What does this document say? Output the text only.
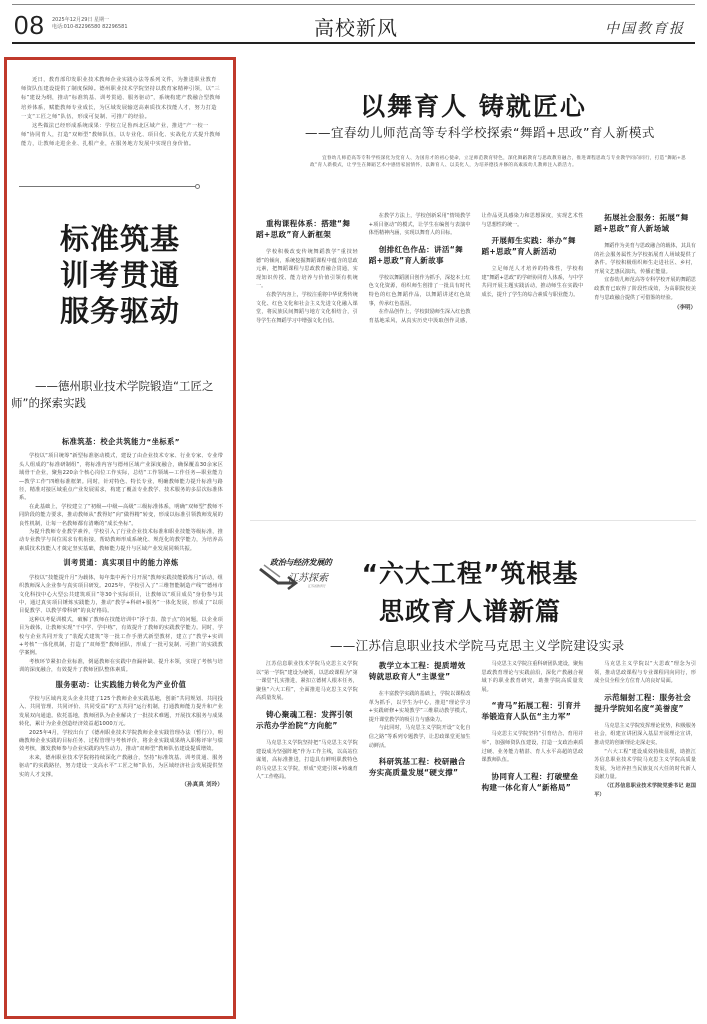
08 2025年12月29日 星期一
电话:010-82296580 82296581	高校新风	中国教育报

近日，教育部印发职业技术教师企业实践办法等系列文件，为推进职业教育师资队伍建设提供了制度保障。德州职业技术学院坚持以教育家精神引领，以“三标”建设为纲，推动“标准筑基、训考贯通、服务驱动”，系统构建产教融合型教师培养体系，赋能教师专业成长，为区域发展输送高素质技术技能人才，努力打造一支“工匠之师”队伍，形成可复制、可推广的经验。

这些做法已经形成系统成果：学校立足鲁西北区域产业，推进“产一校一师”协同育人，打造“双师型”教师队伍，以专业化、项目化、实战化方式提升教师能力，让教师走进企业、扎根产业，在服务地方发展中实现自身价值。

标准筑基
训考贯通
服务驱动
——德州职业技术学院锻造“工匠之师”的探索实践
标准筑基：校企共筑能力“坐标系”

学校以“项目统筹”新型标准驱动模式，建设了由企业技术专家、行业专家、专业带头人组成的“标准研制组”，将标准内容与德州区域产业深度融合，确保覆盖30余家区域骨干企业，聚焦220余个核心岗位工作实际，总结“工作领域—工作任务—职业能力—教学工作”四维标准框架。同时，针对特色、特长专业，明确教师能力提升标准与路径，精准对接区域重点产业发展需求，构建了覆盖专业教学、技术服务的多层次标准体系。

在此基础上，学校建立了“初级—中级—高级”三级标准体系，明确“双师型”教师不同阶段的能力要求，推动教师从“教得好”向“做得精”转变，形成以标准引领教师发展的良性机制，让每一名教师都有清晰的“成长坐标”。

为提升教师专业教学素养，学校引入了行业企业技术标准和职业技能等级标准，推动专业教学与岗位需求有机衔接，帮助教师形成系统化、规范化的教学能力，为培养高素质技术技能人才奠定坚实基础，教师能力提升与区域产业发展同频共振。

训考贯通：真实项目中的能力淬炼

学校以“技能提升月”为载体，每年集中两个月开展“教师实践技能锻炼月”活动，组织教师深入企业参与真实项目研发。2025年，学校引入了“三维智能制造产线”“德州市文化科技中心大型公共建筑项目”等30个实际项目，让教师以“项目成员”身份参与其中，通过真实项目锤炼实践能力，推动“教学+科研+服务”一体化发展，形成了“以项目促教学、以教学带科研”的良好格局。

这种以考促训模式，破解了教师在技能培训中“浮于表、散于点”的问题，以企业项目为载体，让教师实现“干中学、学中练”，有效提升了教师的实践教学能力。同时，学校与企业共同开发了“装配式建筑”等一批工作手册式新型教材，建立了“教学+实训+考核”一体化机制，打造了“双师型”教师团队，形成了一批可复制、可推广的实践教学案例。

考核环节紧扣企业标准，倒逼教师在实践中查漏补缺、提升本领，实现了考核与培训的深度融合，有效提升了教师团队整体素质。

服务驱动：让实践能力转化为产业价值

学校与区域内龙头企业共建了125个教师企业实践基地，创新“共同规划、共同投入、共同管理、共同评价、共同受益”的“五共同”运行机制，打通教师能力提升和产业发展双向通道。依托基地，教师团队为企业解决了一批技术难题，开展技术服务与成果转化，累计为企业创造经济效益超1000万元。

2025年4月，学校出台了《德州职业技术学院教师企业实践管理办法（暂行）》，明确教师企业实践的目标任务、过程管理与考核评价，将企业实践成果纳入职称评审与绩效考核，激发教师参与企业实践的内生动力，推动“双师型”教师队伍建设提质增效。

未来，德州职业技术学院将持续深化产教融合，坚持“标准筑基、训考贯通、服务驱动”的实践路径，努力建设一支高水平“工匠之师”队伍，为区域经济社会发展提供坚实的人才支撑。

（孙真真 刘玲）
以舞育人 铸就匠心
——宜春幼儿师范高等专科学校探索“舞蹈+思政”育人新模式
宜春幼儿师范高等专科学校深化为党育人、为国育才的初心使命，立足师范教育特色，深化舞蹈教育与思政教育融合，推进课程思政与专业教学同向同行，打造“舞蹈+思政”育人新模式，让学生在舞蹈艺术中感悟家国情怀，以舞育人、以美化人，为培养德技并修的高素质幼儿教师注入新活力。
重构课程体系：搭建“舞蹈+思政”育人新框架

学校积极改变传统舞蹈教学“重技轻德”的倾向，系统挖掘舞蹈课程中蕴含的思政元素，把舞蹈课程与思政教育融合贯通，实现知识传授、能力培养与价值引领有机统一。

在教学内容上，学校注重将中华优秀传统文化、红色文化和社会主义先进文化融入课堂，将民族民间舞蹈与地方文化相结合，引导学生在舞蹈学习中增强文化自信。

在教学方法上，学校创新采用“情境教学+项目驱动”的模式，让学生在编创与表演中体悟精神内涵，实现以舞育人的目标。

创排红色作品：讲活“舞蹈+思政”育人新故事

学校以舞蹈剧目创作为抓手，深挖本土红色文化资源，组织师生创排了一批具有时代特色的红色舞蹈作品，以舞蹈讲述红色故事，传承红色基因。

在作品创作上，学校鼓励师生深入红色教育基地采风，从真实历史中汲取创作灵感，让作品更具感染力和思想深度，实现艺术性与思想性的统一。

开展师生实践：举办“舞蹈+思政”育人新活动

立足师范人才培养的特殊性，学校构建“舞蹈+思政”的学研协同育人体系，与中学共同开展主题实践活动，推动师生在实践中成长，提升了学生的综合素质与职业能力。

拓展社会服务：拓展“舞蹈+思政”育人新场域

舞蹈作为美育与思政融合的载体，其具有的社会服务属性为学校拓展育人场域提供了条件。学校积极组织师生走进社区、乡村，开展文艺惠民演出，传播正能量。

宜春幼儿师范高等专科学校开展的舞蹈思政教育已取得了阶段性成效，为高职院校美育与思政融合提供了可借鉴的经验。

（李明）
政治与经济发展的
江苏探索
江苏省教育厅	“六大工程”筑根基
思政育人谱新篇
——江苏信息职业技术学院马克思主义学院建设实录

江苏信息职业技术学院马克思主义学院以“第一学院”建设为统领，以思政课程为“第一课堂”扎实推进，紧扣立德树人根本任务，聚焦“六大工程”，全面推进马克思主义学院高质量发展。

铸心聚魂工程：发挥引领示范办学治院“方向舵”

马克思主义学院坚持把“马克思主义学院建设成为坚强阵地”作为工作主线，以高站位谋划，高标准推进，打造具有鲜明职教特色的马克思主义学院，形成“党建引领+铸魂育人”工作格局。

教学立本工程：提质增效铸就思政育人“主课堂”

在丰富教学实践的基础上，学院以课程改革为抓手，以学生为中心，推进“理论学习+实践研修+实境教学”三维联动教学模式，提升课堂教学的吸引力与感染力。

与此同时，马克思主义学院开设“文化自信之路”等系列专题教学，让思政课堂更加生动鲜活。

科研筑基工程：校研融合夯实高质量发展“硬支撑”

马克思主义学院注重科研团队建设，聚焦思政教育理论与实践前沿，深化产教融合视域下的职业教育研究，助推学院高质量发展。

“青马”拓展工程：引育并举锻造育人队伍“主力军”

马克思主义学院坚持“引育结合、育用并举”，加强师资队伍建设，打造一支政治素质过硬、业务能力精湛、育人水平高超的思政课教师队伍。

协同育人工程：打破壁垒构建一体化育人“新格局”

马克思主义学院以“大思政”理念为引领，推动思政课程与专业课程同向同行，形成全员全程全方位育人的良好局面。

示范辐射工程：服务社会提升学院知名度“美誉度”

马克思主义学院发挥理论优势，积极服务社会，组建宣讲团深入基层开展理论宣讲，推动党的创新理论走深走实。

“六大工程”建设成效持续显现，助推江苏信息职业技术学院马克思主义学院高质量发展，为培养担当民族复兴大任的时代新人贡献力量。

（江苏信息职业技术学院党委书记 赵国平）
